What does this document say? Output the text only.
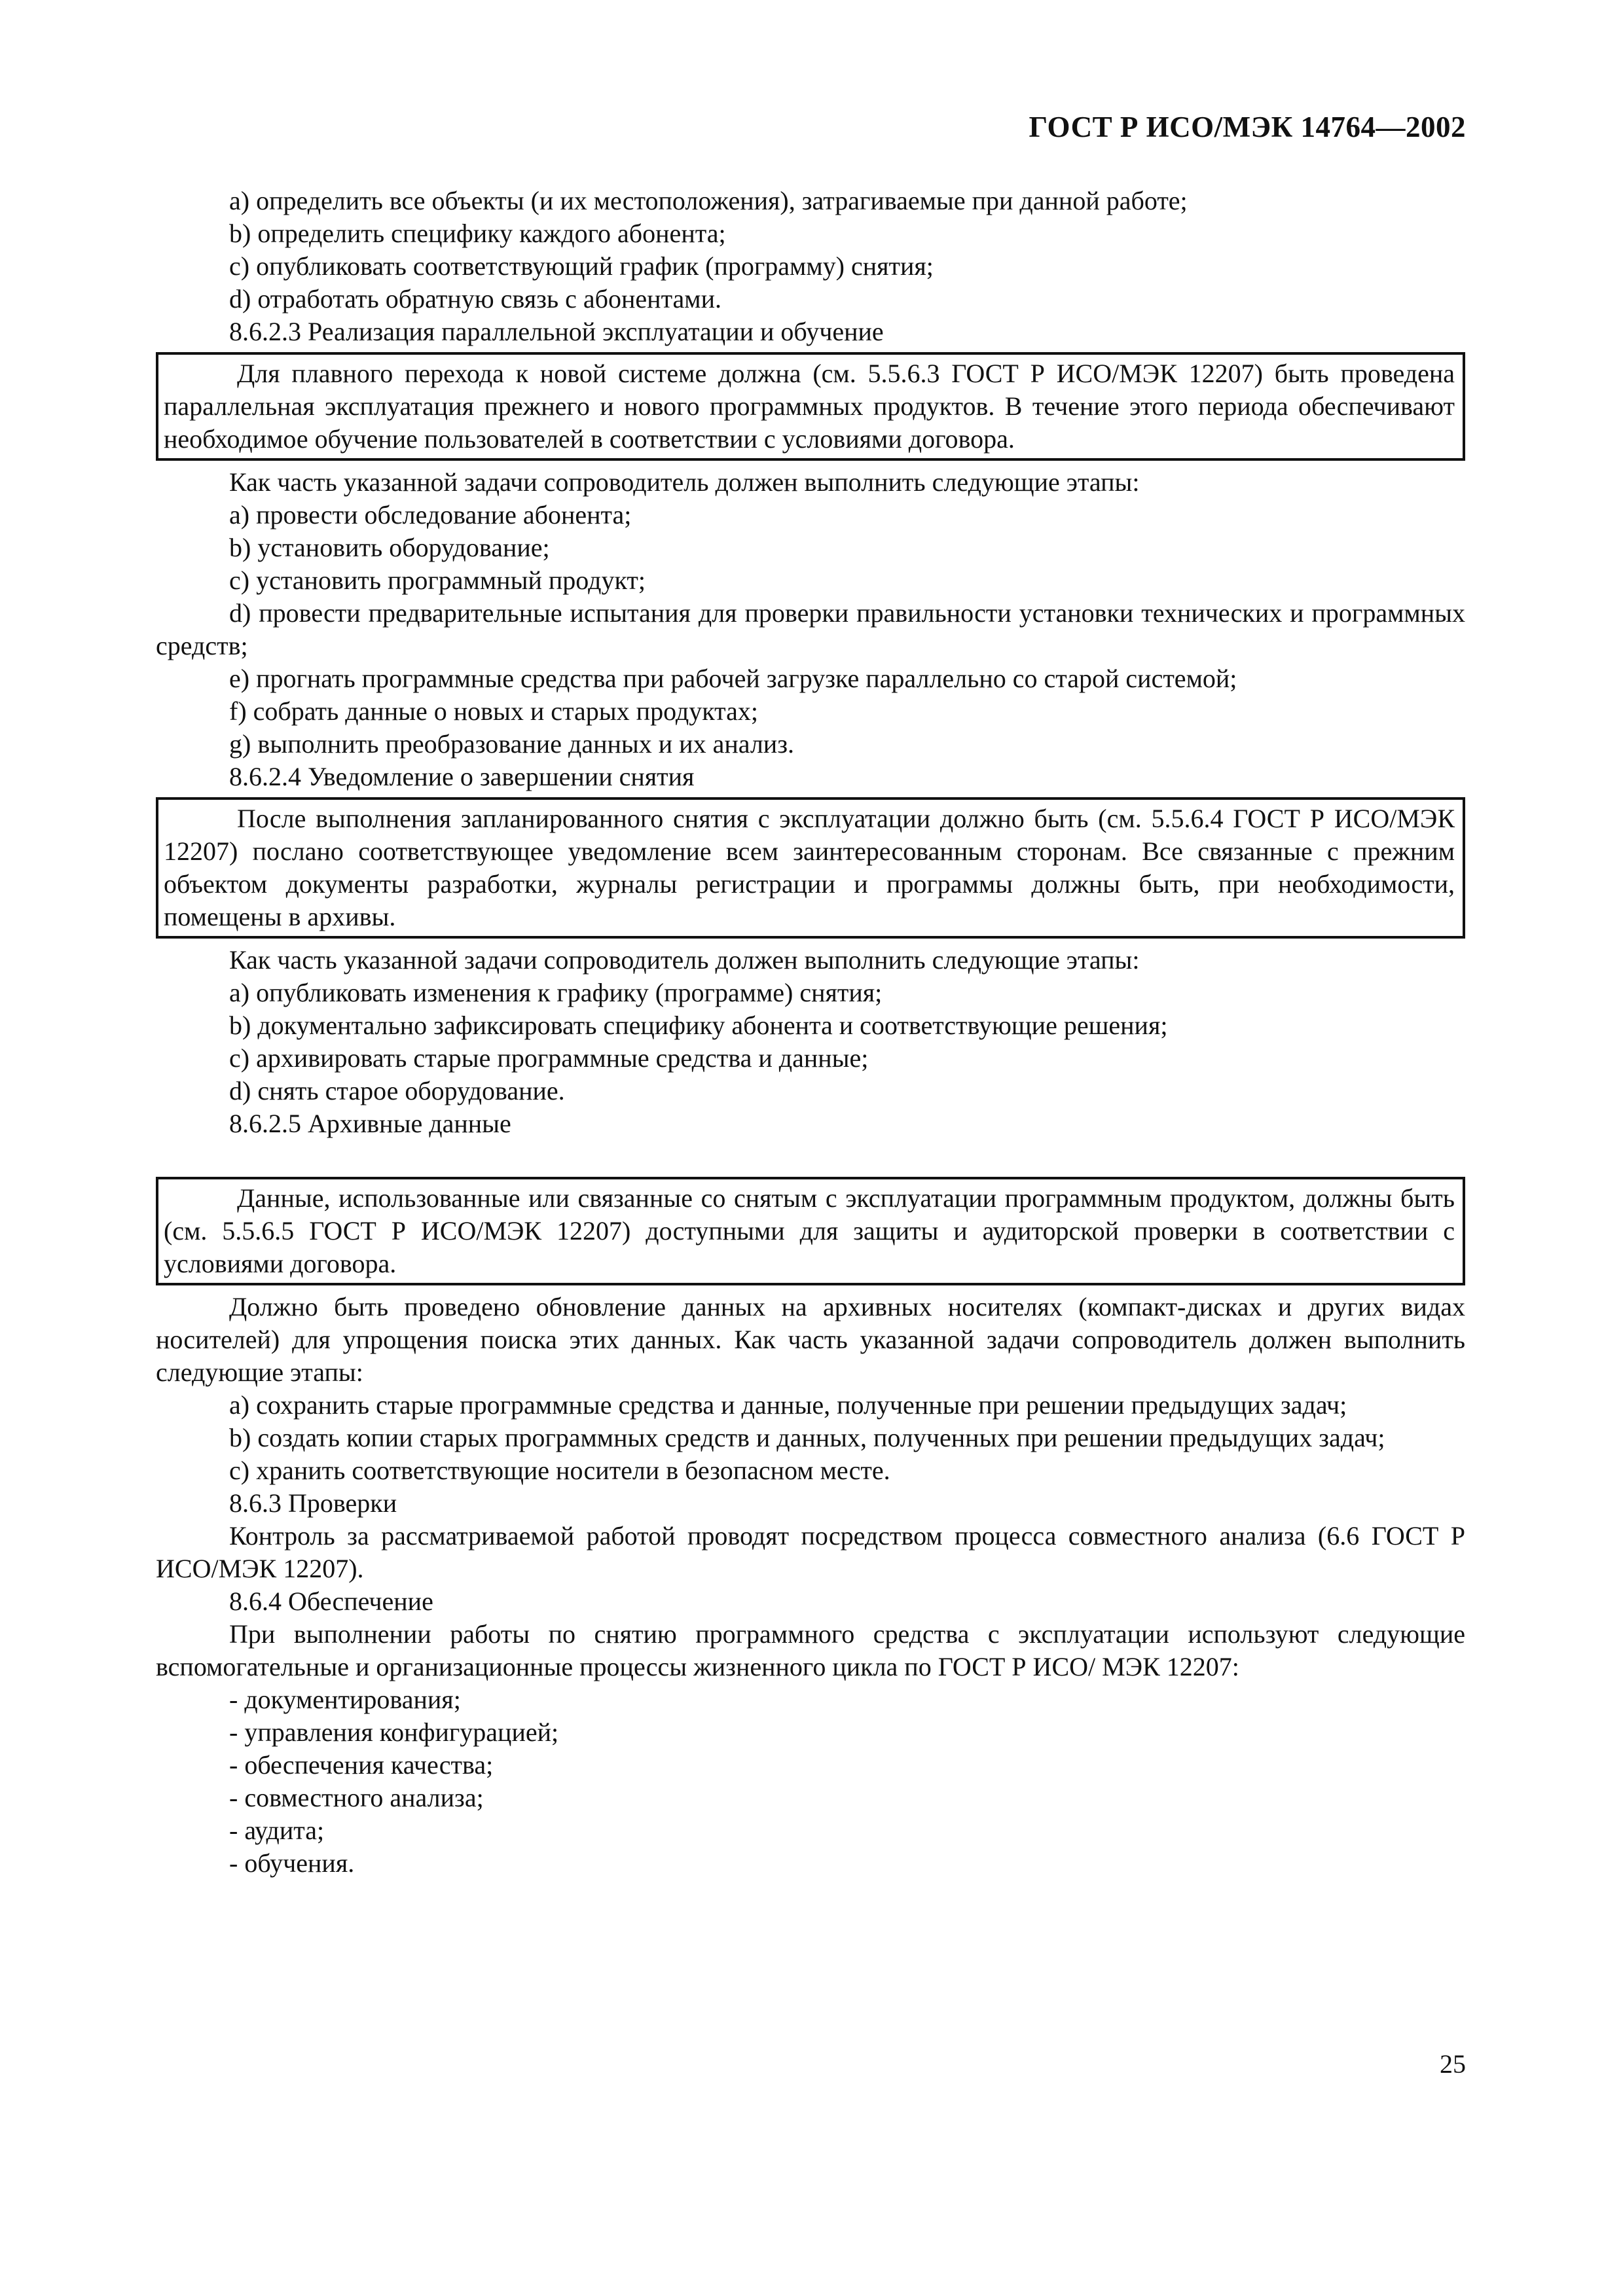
ГОСТ Р ИСО/МЭК 14764—2002

a) определить все объекты (и их местоположения), затрагиваемые при данной работе;

b) определить специфику каждого абонента;

c) опубликовать соответствующий график (программу) снятия;

d) отработать обратную связь с абонентами.

8.6.2.3 Реализация параллельной эксплуатации и обучение

Для плавного перехода к новой системе должна (см. 5.5.6.3 ГОСТ Р ИСО/МЭК 12207) быть проведена параллельная эксплуатация прежнего и нового программных продуктов. В течение этого периода обеспечивают необходимое обучение пользователей в соответствии с условиями договора.

Как часть указанной задачи сопроводитель должен выполнить следующие этапы:

a) провести обследование абонента;

b) установить оборудование;

c) установить программный продукт;

d) провести предварительные испытания для проверки правильности установки технических и программных средств;

e) прогнать программные средства при рабочей загрузке параллельно со старой системой;

f) собрать данные о новых и старых продуктах;

g) выполнить преобразование данных и их анализ.

8.6.2.4 Уведомление о завершении снятия

После выполнения запланированного снятия с эксплуатации должно быть (см. 5.5.6.4 ГОСТ Р ИСО/МЭК 12207) послано соответствующее уведомление всем заинтересованным сторонам. Все связанные с прежним объектом документы разработки, журналы регистрации и программы должны быть, при необходимости, помещены в архивы.

Как часть указанной задачи сопроводитель должен выполнить следующие этапы:

a) опубликовать изменения к графику (программе) снятия;

b) документально зафиксировать специфику абонента и соответствующие решения;

c) архивировать старые программные средства и данные;

d) снять старое оборудование.

8.6.2.5 Архивные данные

Данные, использованные или связанные со снятым с эксплуатации программным продуктом, должны быть (см. 5.5.6.5 ГОСТ Р ИСО/МЭК 12207) доступными для защиты и аудиторской проверки в соответствии с условиями договора.

Должно быть проведено обновление данных на архивных носителях (компакт-дисках и других видах носителей) для упрощения поиска этих данных. Как часть указанной задачи сопроводитель должен выполнить следующие этапы:

a) сохранить старые программные средства и данные, полученные при решении предыдущих задач;

b) создать копии старых программных средств и данных, полученных при решении предыдущих задач;

c) хранить соответствующие носители в безопасном месте.

8.6.3 Проверки

Контроль за рассматриваемой работой проводят посредством процесса совместного анализа (6.6 ГОСТ Р ИСО/МЭК 12207).

8.6.4 Обеспечение

При выполнении работы по снятию программного средства с эксплуатации используют следующие вспомогательные и организационные процессы жизненного цикла по ГОСТ Р ИСО/ МЭК 12207:

- документирования;

- управления конфигурацией;

- обеспечения качества;

- совместного анализа;

- аудита;

- обучения.

25
